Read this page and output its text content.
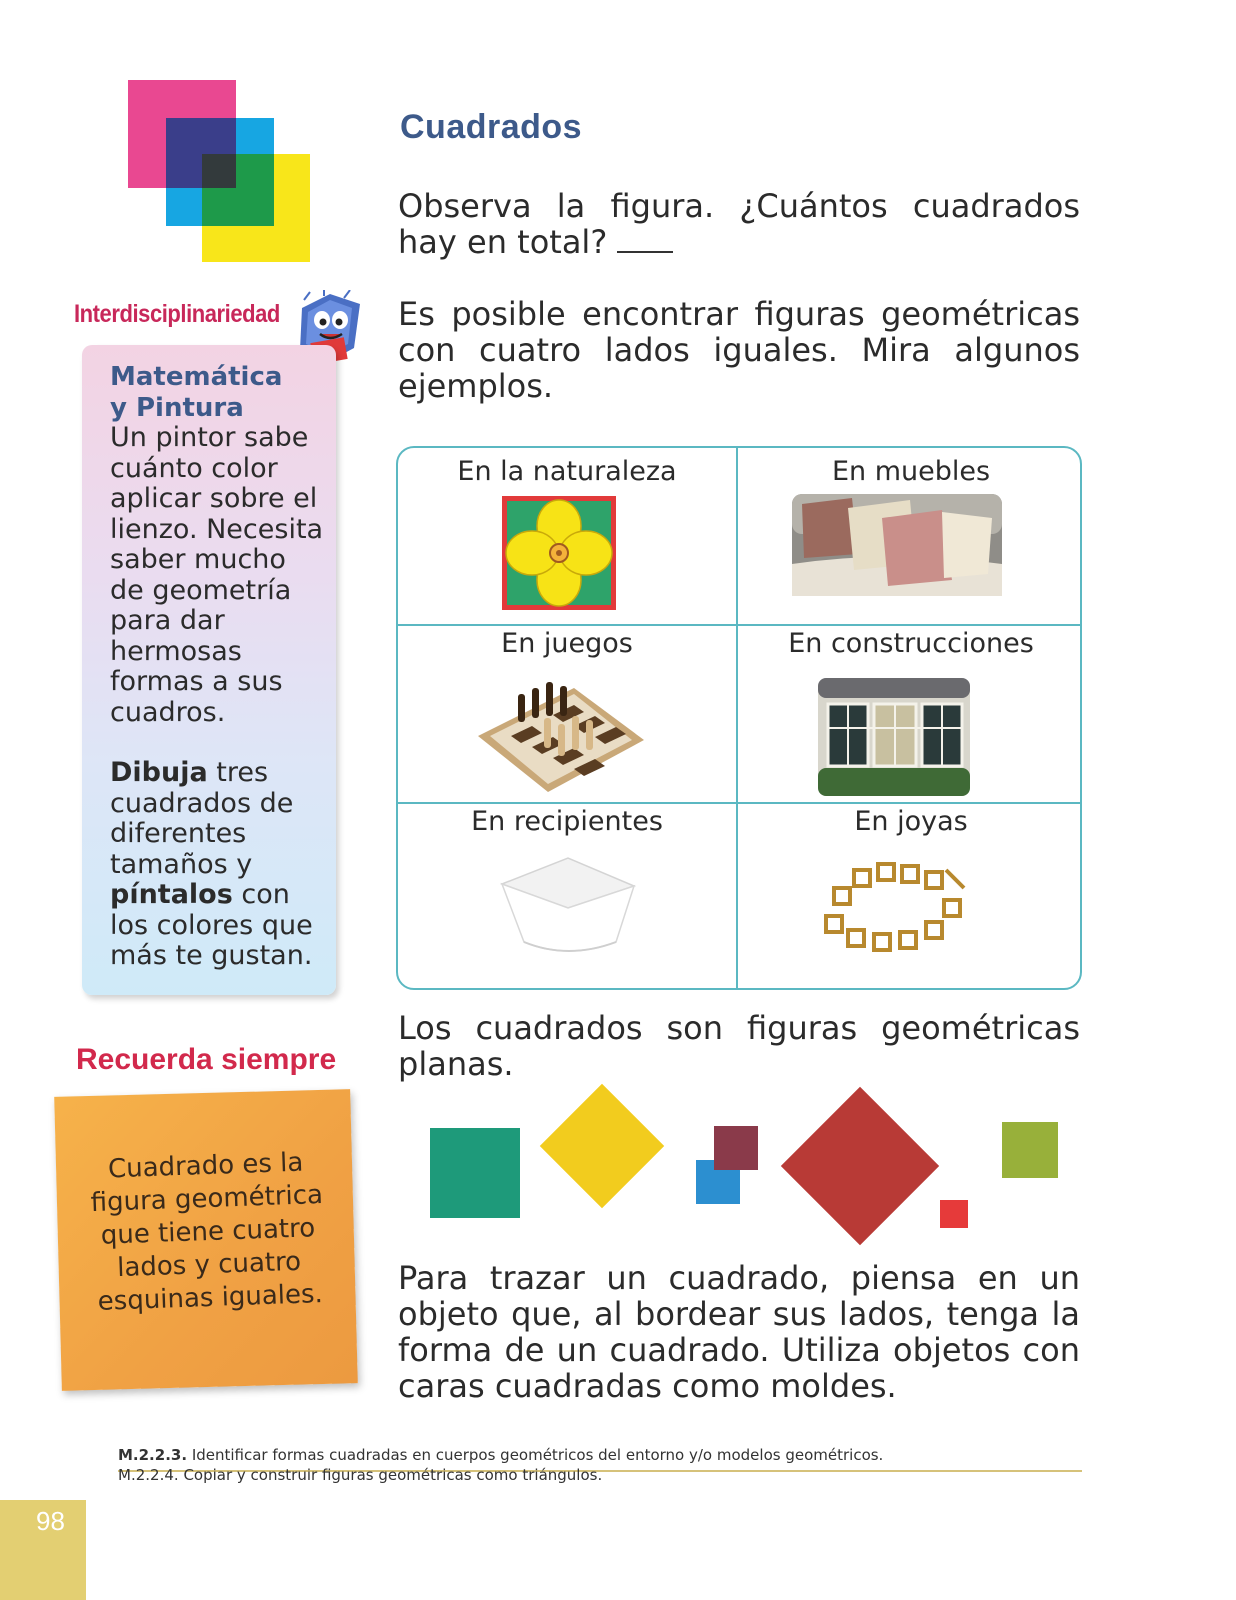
Cuadrados
Observa la figura. ¿Cuántos cuadrados hay en total?
Es posible encontrar figuras geométricas con cuatro lados iguales. Mira algunos ejemplos.
Interdisciplinariedad
Matemática
y Pintura
Un pintor sabe cuánto color aplicar sobre el lienzo. Necesita saber mucho de geometría para dar hermosas formas a sus cuadros.
Dibuja tres cuadrados de diferentes tamaños y píntalos con los colores que más te gustan.
En la naturaleza	En muebles
En juegos	En construcciones
En recipientes	En joyas
Recuerda siempre
Cuadrado es la figura geométrica que tiene cuatro lados y cuatro esquinas iguales.
Los cuadrados son figuras geométricas planas.
Para trazar un cuadrado, piensa en un objeto que, al bordear sus lados, tenga la forma de un cuadrado. Utiliza objetos con caras cuadradas como moldes.
M.2.2.3. Identificar formas cuadradas en cuerpos geométricos del entorno y/o modelos geométricos.
M.2.2.4. Copiar y construir figuras geométricas como triángulos.
98
